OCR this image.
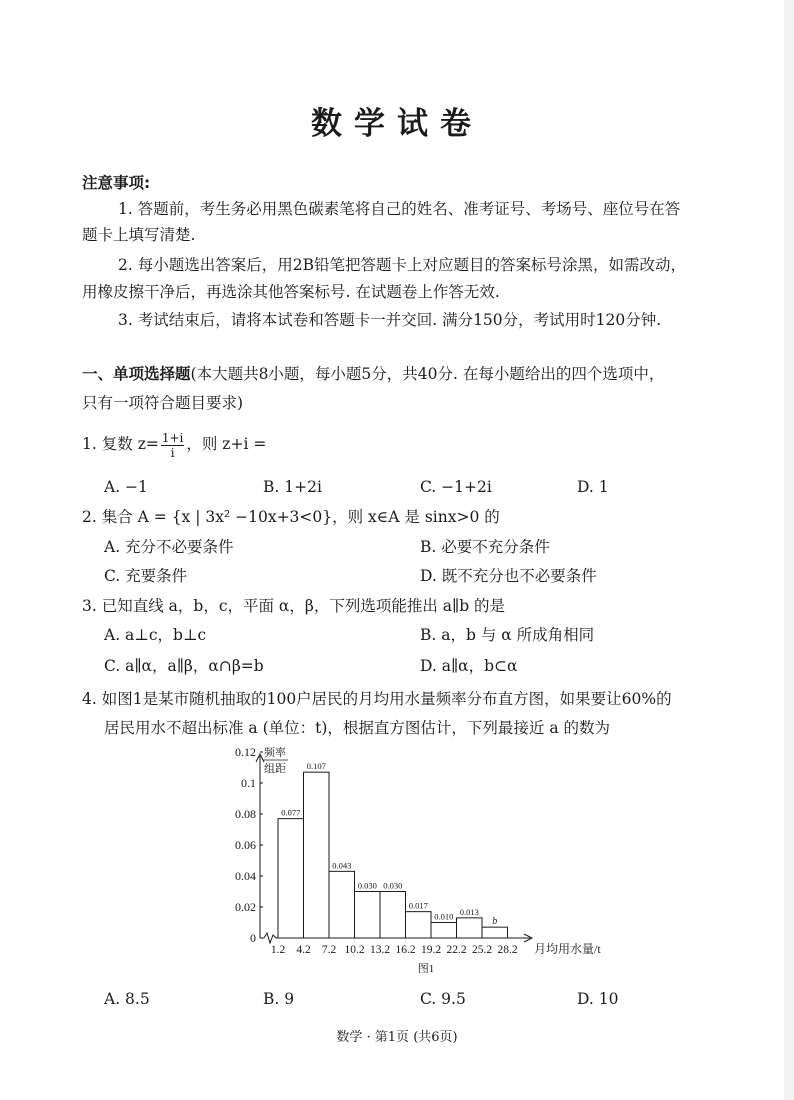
数学试卷
注意事项:
1. 答题前，考生务必用黑色碳素笔将自己的姓名、准考证号、考场号、座位号在答
题卡上填写清楚.
2. 每小题选出答案后，用2B铅笔把答题卡上对应题目的答案标号涂黑，如需改动，
用橡皮擦干净后，再选涂其他答案标号. 在试题卷上作答无效.
3. 考试结束后，请将本试卷和答题卡一并交回. 满分150分，考试用时120分钟.
一、单项选择题(本大题共8小题，每小题5分，共40分. 在每小题给出的四个选项中，
只有一项符合题目要求)
1. 复数 $z= \frac{1+i}{i}$ ，则 z+i =
A. −1	B. 1+2i	C. −1+2i	D. 1
2. 集合 A = {x | 3x² −10x+3<0}，则 x∈A 是 sinx>0 的
A. 充分不必要条件	B. 必要不充分条件
C. 充要条件	D. 既不充分也不必要条件
3. 已知直线 a，b，c，平面 α，β，下列选项能推出 a∥b 的是
A. a⊥c，b⊥c	B. a，b 与 α 所成角相同
C. a∥α，a∥β，α∩β=b	D. a∥α，b⊂α
4. 如图1是某市随机抽取的100户居民的月均用水量频率分布直方图，如果要让60%的
居民用水不超出标准 a (单位：t)，根据直方图估计，下列最接近 a 的数为
频率
组距
0
0.02
0.04
0.06
0.08
0.1
0.12
0.077
0.107
0.043
0.030 0.030
0.017
0.010 0.013
b
1.2 4.2 7.2 10.2 13.2 16.2 19.2 22.2 25.2 28.2 月均用水量/t
图1
A. 8.5	B. 9	C. 9.5	D. 10
数学 · 第1页 (共6页)
